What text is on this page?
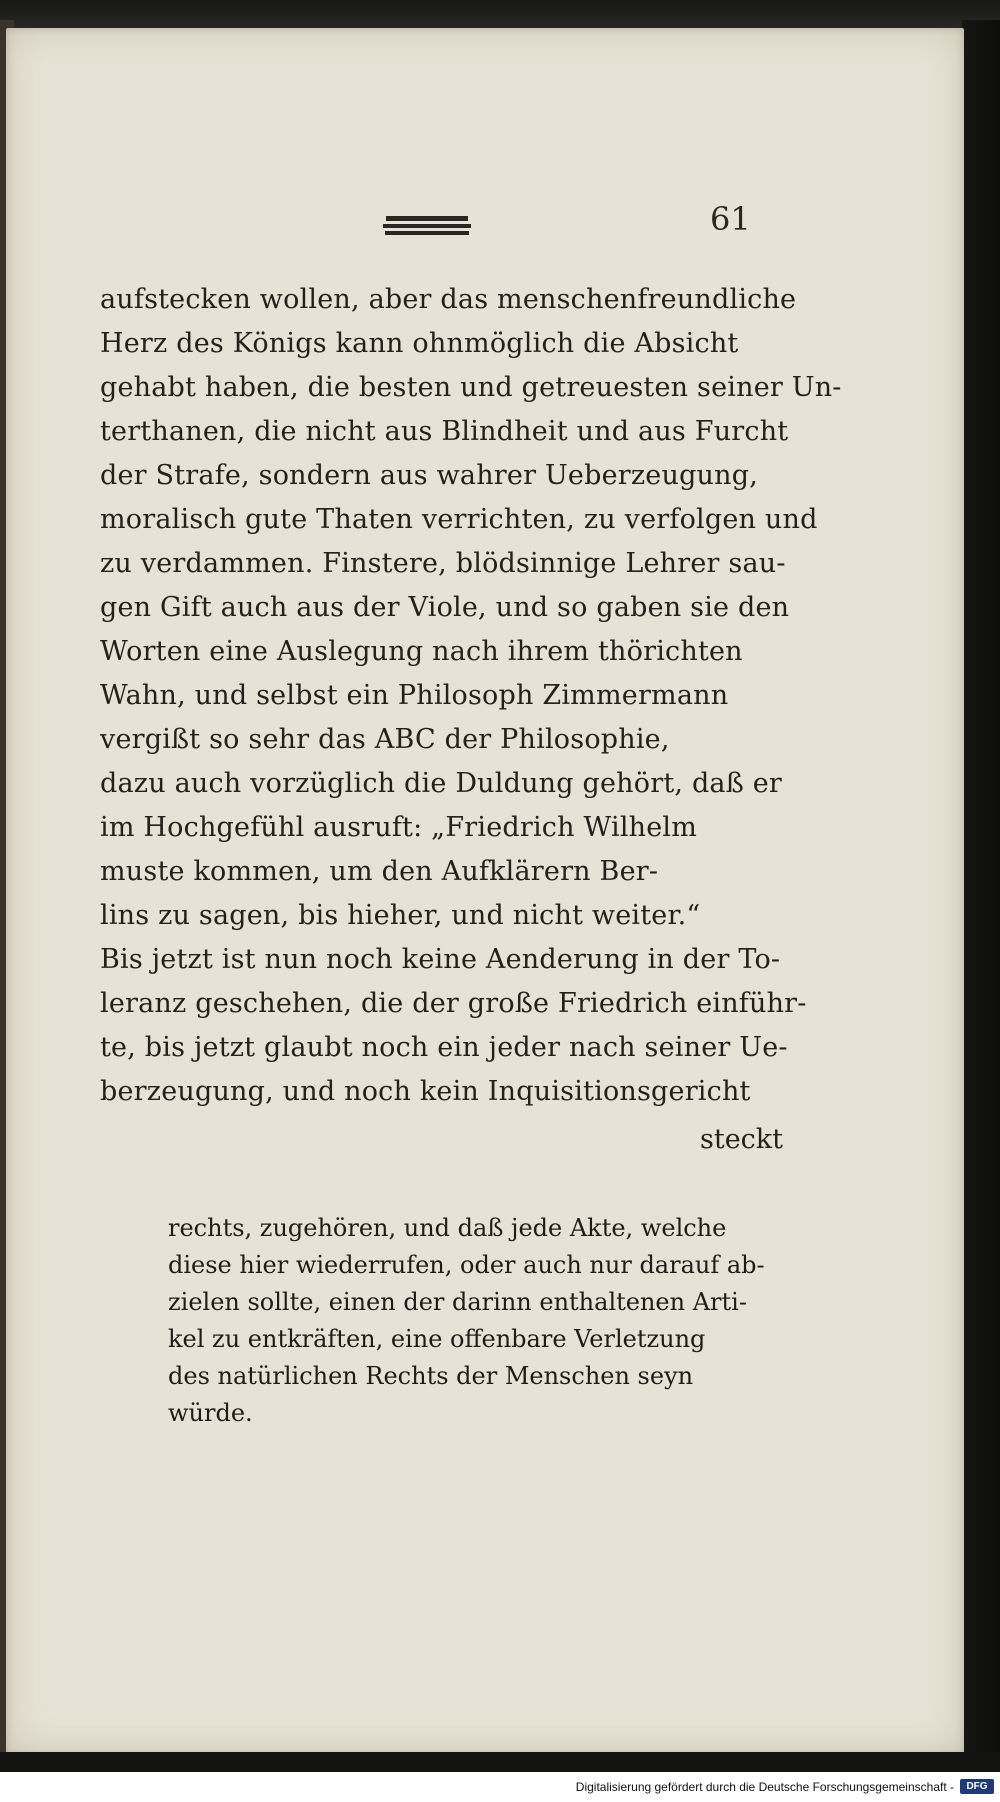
61
aufstecken wollen, aber das menschenfreundliche
Herz des Königs kann ohnmöglich die Absicht
gehabt haben, die besten und getreuesten seiner Un-
terthanen, die nicht aus Blindheit und aus Furcht
der Strafe, sondern aus wahrer Ueberzeugung,
moralisch gute Thaten verrichten, zu verfolgen und
zu verdammen. Finstere, blödsinnige Lehrer sau-
gen Gift auch aus der Viole, und so gaben sie den
Worten eine Auslegung nach ihrem thörichten
Wahn, und selbst ein Philosoph Zimmermann
vergißt so sehr das ABC der Philosophie,
dazu auch vorzüglich die Duldung gehört, daß er
im Hochgefühl ausruft: „Friedrich Wilhelm
muste kommen, um den Aufklärern Ber-
lins zu sagen, bis hieher, und nicht weiter.“
Bis jetzt ist nun noch keine Aenderung in der To-
leranz geschehen, die der große Friedrich einführ-
te, bis jetzt glaubt noch ein jeder nach seiner Ue-
berzeugung, und noch kein Inquisitionsgericht
steckt
rechts, zugehören, und daß jede Akte, welche
diese hier wiederrufen, oder auch nur darauf ab-
zielen sollte, einen der darinn enthaltenen Arti-
kel zu entkräften, eine offenbare Verletzung
des natürlichen Rechts der Menschen seyn
würde.
Digitalisierung gefördert durch die Deutsche Forschungsgemeinschaft -	DFG
